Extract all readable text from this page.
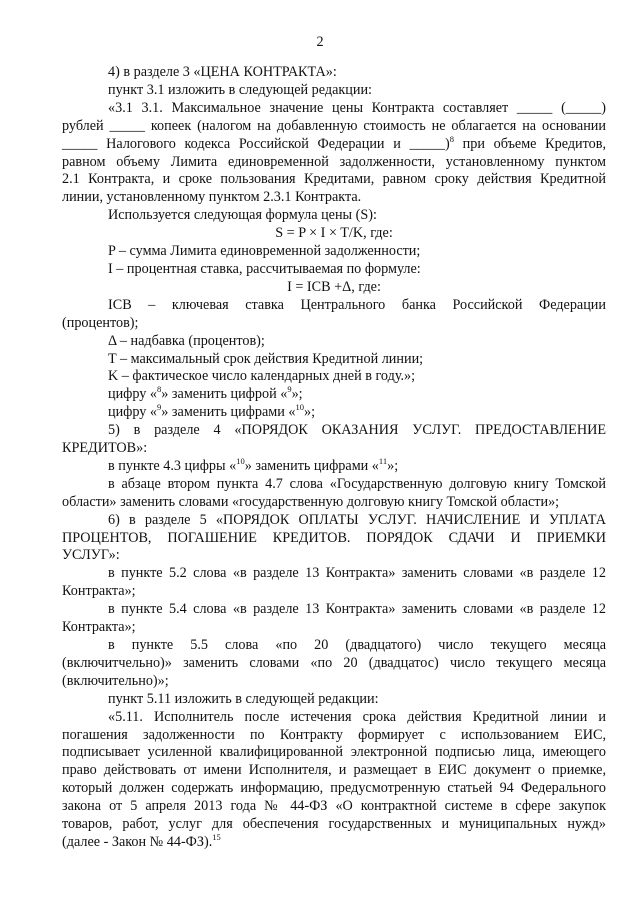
2

4) в разделе 3 «ЦЕНА КОНТРАКТА»:

пункт 3.1 изложить в следующей редакции:

«3.1 3.1. Максимальное значение цены Контракта составляет _____ (_____)

рублей _____ копеек (налогом на добавленную стоимость не облагается на основании

_____ Налогового кодекса Российской Федерации и _____)$^8$ при объеме Кредитов,

равном объему Лимита единовременной задолженности, установленному пунктом

2.1 Контракта, и сроке пользования Кредитами, равном сроку действия Кредитной

линии, установленному пунктом 2.3.1 Контракта.

Используется следующая формула цены (S):

S = P × I × T/K, где:

P – сумма Лимита единовременной задолженности;

I – процентная ставка, рассчитываемая по формуле:

I = ICB +Δ, где:

ICB – ключевая ставка Центрального банка Российской Федерации

(процентов);

Δ – надбавка (процентов);

T – максимальный срок действия Кредитной линии;

K – фактическое число календарных дней в году.»;

цифру «$^8$» заменить цифрой «$^9$»;

цифру «$^9$» заменить цифрами «$^{10}$»;

5) в разделе 4 «ПОРЯДОК ОКАЗАНИЯ УСЛУГ. ПРЕДОСТАВЛЕНИЕ

КРЕДИТОВ»:

в пункте 4.3 цифры «$^{10}$» заменить цифрами «$^{11}$»;

в абзаце втором пункта 4.7 слова «Государственную долговую книгу Томской

области» заменить словами «государственную долговую книгу Томской области»;

6) в разделе 5 «ПОРЯДОК ОПЛАТЫ УСЛУГ. НАЧИСЛЕНИЕ И УПЛАТА

ПРОЦЕНТОВ, ПОГАШЕНИЕ КРЕДИТОВ. ПОРЯДОК СДАЧИ И ПРИЕМКИ

УСЛУГ»:

в пункте 5.2 слова «в разделе 13 Контракта» заменить словами «в разделе 12

Контракта»;

в пункте 5.4 слова «в разделе 13 Контракта» заменить словами «в разделе 12

Контракта»;

в пункте 5.5 слова «по 20 (двадцатого) число текущего месяца

(включитчельно)» заменить словами «по 20 (двадцатос) число текущего месяца

(включительно)»;

пункт 5.11 изложить в следующей редакции:

«5.11. Исполнитель после истечения срока действия Кредитной линии и

погашения задолженности по Контракту формирует с использованием ЕИС,

подписывает усиленной квалифицированной электронной подписью лица, имеющего

право действовать от имени Исполнителя, и размещает в ЕИС документ о приемке,

который должен содержать информацию, предусмотренную статьей 94 Федерального

закона от 5 апреля 2013 года № 44-ФЗ «О контрактной системе в сфере закупок

товаров, работ, услуг для обеспечения государственных и муниципальных нужд»

(далее - Закон № 44-ФЗ).$^{15}$
